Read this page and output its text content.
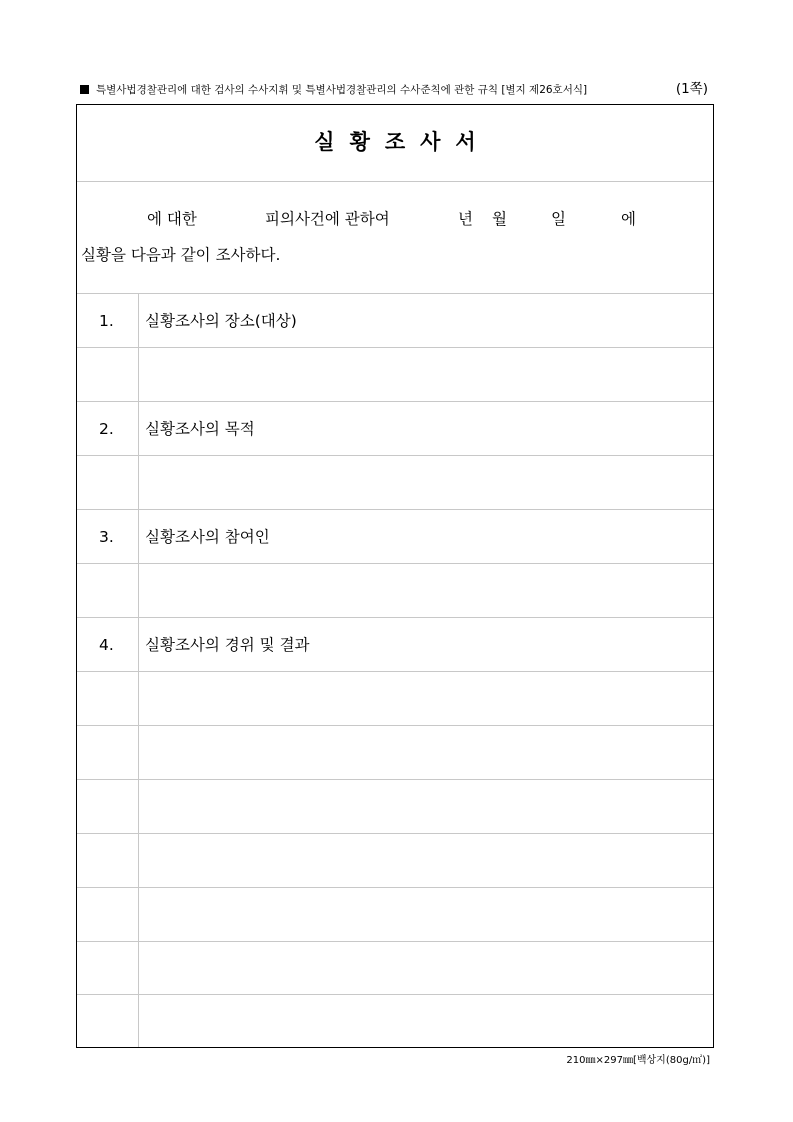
특별사법경찰관리에 대한 검사의 수사지휘 및 특별사법경찰관리의 수사준칙에 관한 규칙 [별지 제26호서식]	(1쪽)
실황조사서
에 대한	피의사건에 관하여	년 월	일	에
실황을 다음과 같이 조사하다.
1. 실황조사의 장소(대상)
2. 실황조사의 목적
3. 실황조사의 참여인
4. 실황조사의 경위 및 결과
210㎜×297㎜[백상지(80g/㎡)]
